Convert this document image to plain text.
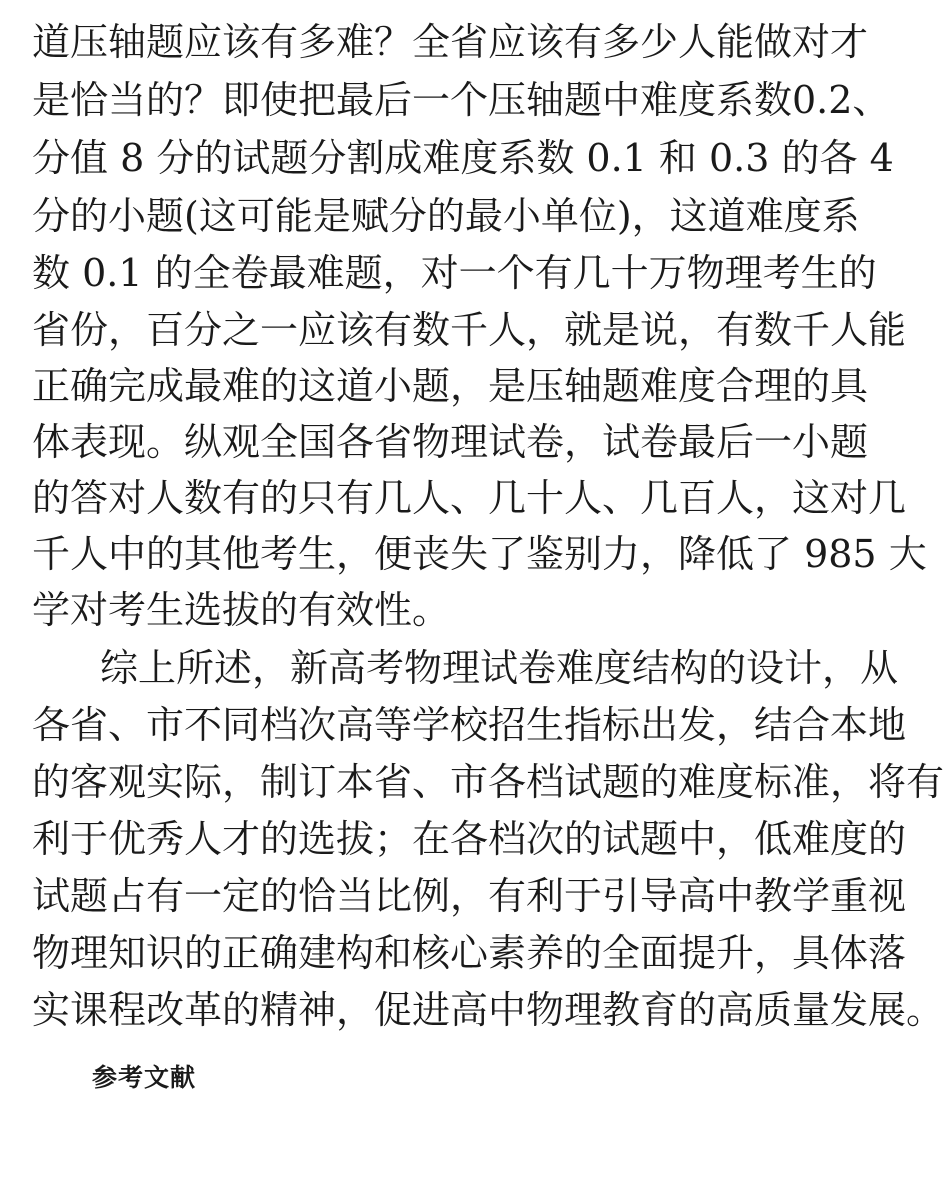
道压轴题应该有多难？全省应该有多少人能做对才
是恰当的？即使把最后一个压轴题中难度系数0.2、
分值 8 分的试题分割成难度系数 0.1 和 0.3 的各 4
分的小题(这可能是赋分的最小单位)，这道难度系
数 0.1 的全卷最难题，对一个有几十万物理考生的
省份，百分之一应该有数千人，就是说，有数千人能
正确完成最难的这道小题，是压轴题难度合理的具
体表现。纵观全国各省物理试卷，试卷最后一小题
的答对人数有的只有几人、几十人、几百人，这对几
千人中的其他考生，便丧失了鉴别力，降低了 985 大
学对考生选拔的有效性。
综上所述，新高考物理试卷难度结构的设计，从
各省、市不同档次高等学校招生指标出发，结合本地
的客观实际，制订本省、市各档试题的难度标准，将有
利于优秀人才的选拔；在各档次的试题中，低难度的
试题占有一定的恰当比例，有利于引导高中教学重视
物理知识的正确建构和核心素养的全面提升，具体落
实课程改革的精神，促进高中物理教育的高质量发展。
参考文献
